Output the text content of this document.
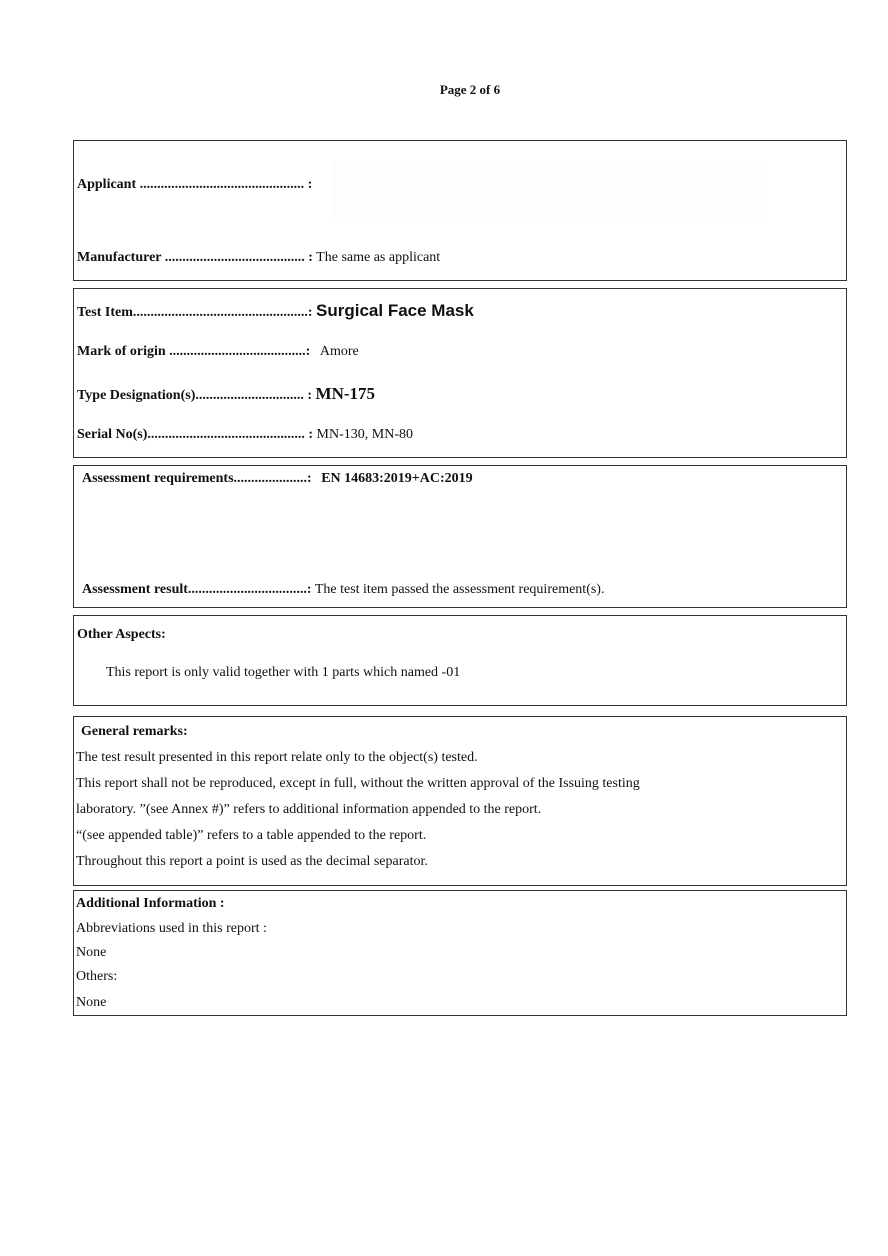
Page 2 of 6
Applicant ............................................... :
Manufacturer ........................................ : The same as applicant
Test Item..................................................: Surgical Face Mask
Mark of origin .......................................: Amore
Type Designation(s)............................... : MN-175
Serial No(s)............................................. : MN-130, MN-80
Assessment requirements.....................: EN 14683:2019+AC:2019
Assessment result..................................: The test item passed the assessment requirement(s).
Other Aspects:
This report is only valid together with 1 parts which named -01
General remarks:
The test result presented in this report relate only to the object(s) tested.
This report shall not be reproduced, except in full, without the written approval of the Issuing testing
laboratory. ”(see Annex #)” refers to additional information appended to the report.
“(see appended table)” refers to a table appended to the report.
Throughout this report a point is used as the decimal separator.
Additional Information :
Abbreviations used in this report :
None
Others:
None
